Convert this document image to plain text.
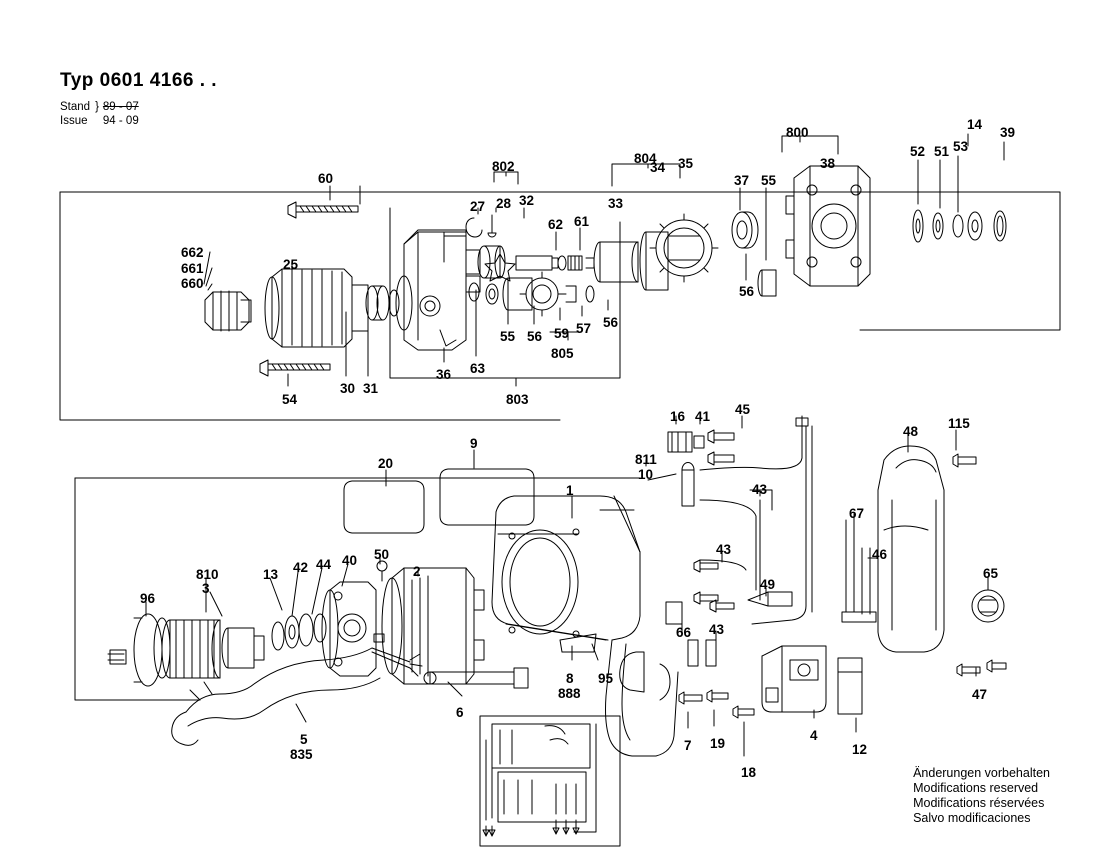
Typ 0601 4166 . .
Stand	}	89 - 07
Issue		94 - 09
60
802
804
800
14
39
52 51 53
38
33
34 35
37 55
27 28 32
62 61
662
661
660
25
55 56 59 57 56
56
805
54
30 31
36 63
803
9
20
16 41 45
48
115
811
10
43
1
67
46
43
49
65
810
3
13 42 44 40 50
2
96
66 43
8
888
95
6
7 19
18
4
12
47
5
835
Änderungen vorbehalten
Modifications reserved
Modifications réservées
Salvo modificaciones
